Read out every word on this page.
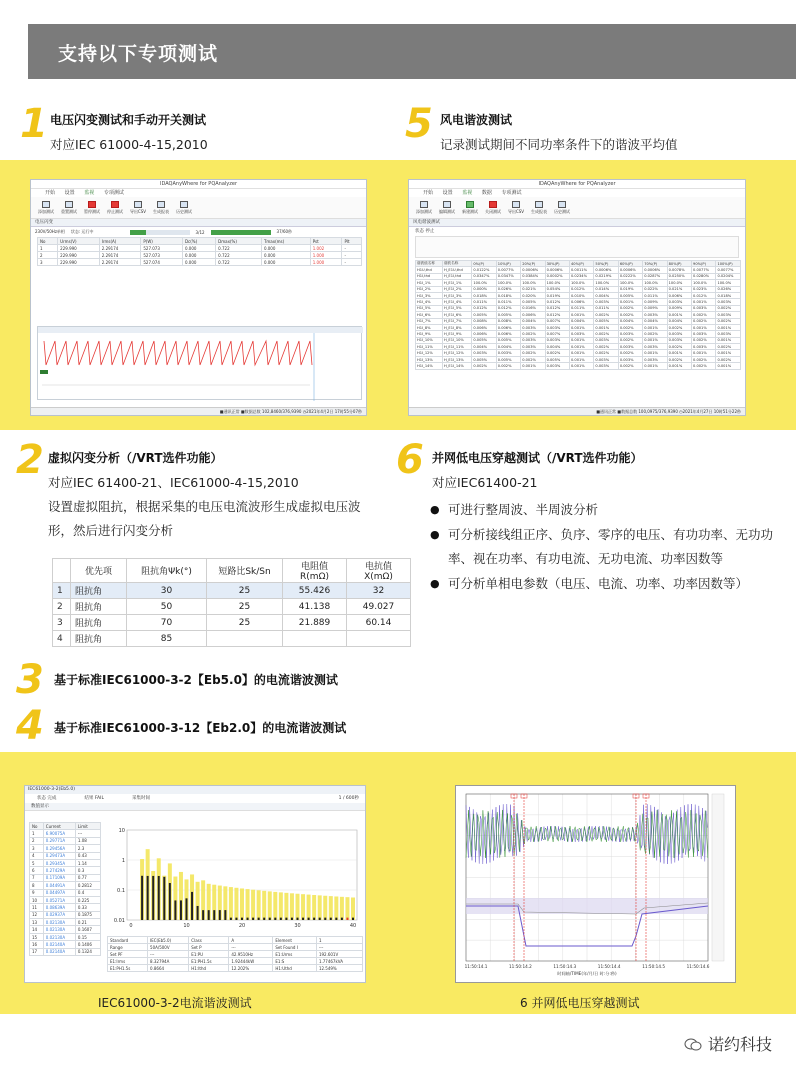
支持以下专项测试
1 电压闪变测试和手动开关测试
对应IEC 61000-4-15,2010	5 风电谐波测试
记录测试期间不同功率条件下的谐波平均值
IDAQAnyWhere for PQAnalyzer
开始 设置 监视 专项测试
添加测试 重置测试 暂停测试 停止测试 导出CSV 生成报表 历史测试
电压闪变
230V/50Hz单相 状态: 运行中	3/12	37/60秒
No	Urms(V)	Irms(A)	P(W)	Dc(%)	Dmax(%)	Tmax(ms)	Pst	Plt
1	229.990	2.29174	527.073	0.000	0.722	0.000	1.002	-
2	229.990	2.29174	527.073	0.000	0.722	0.000	1.000	-
3	229.990	2.29174	527.074	0.000	0.722	0.000	1.000	-
■通讯正常 ■数据总数 102,8460/376,9390 ◷2021年4月2日 17时55分07秒
IDAQAnyWhere for PQAnalyzer
开始 设置 监视 数据 专项测试
添加测试 编辑测试 新建测试 关闭测试 导出CSV 生成报表 历史测试
风电谐波测试
状态 停止
谐波值名称	谐波名称	0%(P)	10%(P)	20%(P)	30%(P)	40%(P)	50%(P)	60%(P)	70%(P)	80%(P)	90%(P)	100%(P)
H1U,thd	H_E1U,thd	0.0122%	0.0077%	0.0006%	0.0006%	0.0011%	0.0006%	0.0006%	0.0006%	0.0078%	0.0077%	0.0077%
H1I,thd	H_E1I,thd	0.0347%	0.0347%	0.0384%	0.0002%	0.0234%	0.0219%	0.0222%	0.0287%	0.0250%	0.0280%	0.0204%
H1I_1%	H_E1I_1%	100.0%	100.0%	100.0%	100.0%	100.0%	100.0%	100.0%	100.0%	100.0%	100.0%	100.0%
H1I_2%	H_E1I_2%	0.000%	0.026%	0.021%	0.054%	0.012%	0.014%	0.019%	0.022%	0.021%	0.023%	0.026%
H1I_3%	H_E1I_3%	0.018%	0.018%	0.020%	0.019%	0.010%	0.004%	0.005%	0.011%	0.006%	0.012%	0.018%
H1I_4%	H_E1I_4%	0.011%	0.011%	0.005%	0.012%	0.006%	0.003%	0.001%	0.009%	0.003%	0.001%	0.003%
H1I_5%	H_E1I_5%	0.012%	0.012%	0.016%	0.012%	0.011%	0.011%	0.002%	0.009%	0.009%	0.003%	0.002%
H1I_6%	H_E1I_6%	0.005%	0.005%	0.006%	0.012%	0.001%	0.002%	0.002%	0.003%	0.001%	0.002%	0.003%
H1I_7%	H_E1I_7%	0.008%	0.008%	0.004%	0.007%	0.004%	0.005%	0.004%	0.004%	0.004%	0.002%	0.002%
H1I_8%	H_E1I_8%	0.006%	0.006%	0.003%	0.003%	0.001%	0.001%	0.002%	0.001%	0.002%	0.001%	0.001%
H1I_9%	H_E1I_9%	0.006%	0.006%	0.002%	0.007%	0.003%	0.002%	0.003%	0.002%	0.003%	0.003%	0.003%
H1I_10%	H_E1I_10%	0.005%	0.005%	0.003%	0.003%	0.001%	0.003%	0.002%	0.001%	0.003%	0.002%	0.001%
H1I_11%	H_E1I_11%	0.004%	0.004%	0.003%	0.004%	0.001%	0.002%	0.003%	0.003%	0.002%	0.003%	0.002%
H1I_12%	H_E1I_12%	0.003%	0.003%	0.002%	0.002%	0.001%	0.002%	0.002%	0.001%	0.001%	0.001%	0.001%
H1I_13%	H_E1I_13%	0.005%	0.005%	0.002%	0.005%	0.001%	0.003%	0.003%	0.003%	0.002%	0.002%	0.002%
H1I_14%	H_E1I_14%	0.002%	0.002%	0.001%	0.003%	0.001%	0.003%	0.002%	0.001%	0.001%	0.002%	0.001%
■通讯正常 ■数据总数 100,0975/376,9390 ◷2021年4月27日 10时51分22秒
2 虚拟闪变分析（/VRT选件功能）
对应IEC 61400-21、IEC61000-4-15,2010
设置虚拟阻抗，根据采集的电压电流波形生成虚拟电压波
形，然后进行闪变分析
	优先项	阻抗角Ψk(°)	短路比Sk/Sn	电阻值R(mΩ)	电抗值X(mΩ)
1	阻抗角	30	25	55.426	32
2	阻抗角	50	25	41.138	49.027
3	阻抗角	70	25	21.889	60.14
4	阻抗角	85			
6 并网低电压穿越测试（/VRT选件功能）
对应IEC61400-21
● 可进行整周波、半周波分析
● 可分析接线组正序、负序、零序的电压、有功功率、无功功率、视在功率、有功电流、无功电流、功率因数等
● 可分析单相电参数（电压、电流、功率、功率因数等）
3 基于标准IEC61000-3-2【Eb5.0】的电流谐波测试
4 基于标准IEC61000-3-12【Eb2.0】的电流谐波测试
IEC61000-3-2(Eb5.0)
状态 完成	结果 FAIL	采集时间	1 / 600秒
数值显示
No	Current	Limit
1	6.90075A	---
2	0.29771A	1.08
3	0.29456A	2.3
4	0.29473A	0.43
5	0.29345A	1.14
6	0.27429A	0.3
7	0.17109A	0.77
8	0.04491A	0.2812
9	0.04497A	0.4
10	0.05271A	0.225
11	0.08639A	0.33
12	0.02937A	0.1875
13	0.02130A	0.21
14	0.02130A	0.1607
15	0.02130A	0.15
16	0.02140A	0.1406
17	0.02140A	0.1324
10
1
0.1
0.01
0	10	20	30	40
Standard	IEC(Eb5.0)	Class	A	Element	1
Range	50A/500V	Set P	---	Set Found I	---
Set PF	---	E1:PU	42.9510Hz	E1:Urms	192.601V
E1:Irms	8.32794A	E1:PH1.5s	1.92444kW	E1:S	1.77467kVA
E1:PH1.5s	0.8664	H1:Ithd	12.202%	H1:Uthd	12.549%	11:50:14.1	11:50:14.2	11:50:14.3	11:50:14.4	11:50:14.5	11:50:14.6
时间轴/TIME(年/月/日 时:分:秒)
IEC61000-3-2电流谐波测试	6 并网低电压穿越测试
诺约科技
